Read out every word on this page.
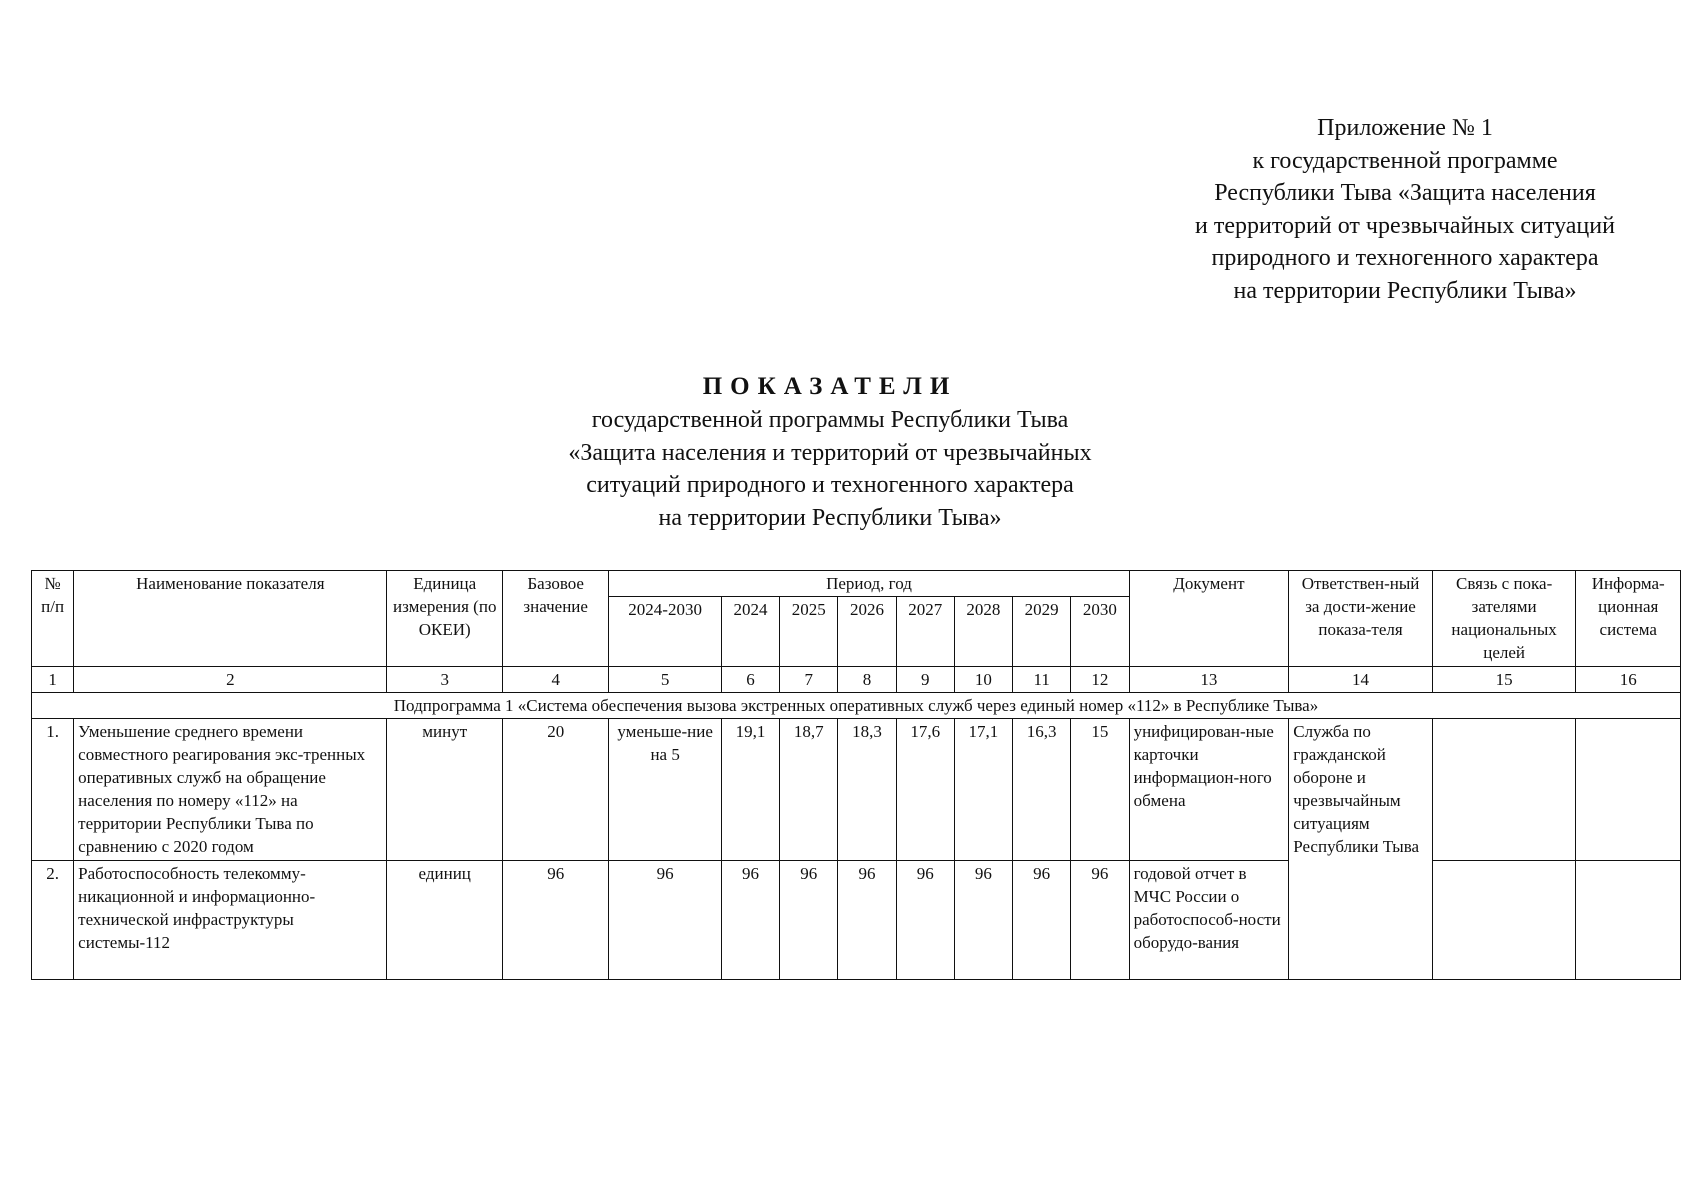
Приложение № 1
к государственной программе
Республики Тыва «Защита населения
и территорий от чрезвычайных ситуаций
природного и техногенного характера
на территории Республики Тыва»
ПОКАЗАТЕЛИ
государственной программы Республики Тыва
«Защита населения и территорий от чрезвычайных
ситуаций природного и техногенного характера
на территории Республики Тыва»
№ п/п	Наименование показателя	Единица измерения (по ОКЕИ)	Базовое значение	Период, год								Документ	Ответствен-ный за дости-жение показа-теля	Связь с пока-зателями национальных целей	Информа-ционная система
				2024-2030	2024	2025	2026	2027	2028	2029	2030				
1	2	3	4	5	6	7	8	9	10	11	12	13	14	15	16
Подпрограмма 1 «Система обеспечения вызова экстренных оперативных служб через единый номер «112» в Республике Тыва»															
1.	Уменьшение среднего времени совместного реагирования экс-тренных оперативных служб на обращение населения по номеру «112» на территории Республики Тыва по сравнению с 2020 годом	минут	20	уменьше-ние на 5	19,1	18,7	18,3	17,6	17,1	16,3	15	унифицирован-ные карточки информацион-ного обмена	Служба по гражданской обороне и чрезвычайным ситуациям Республики Тыва		
2.	Работоспособность телекомму-никационной и информационно-технической инфраструктуры системы-112	единиц	96	96	96	96	96	96	96	96	96	годовой отчет в МЧС России о работоспособ-ности оборудо-вания			
